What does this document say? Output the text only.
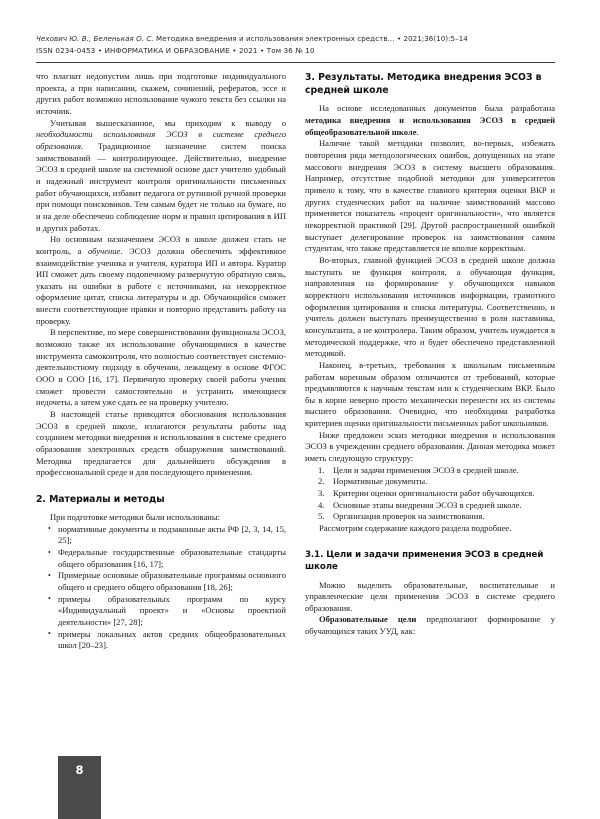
Чехович Ю. В., Беленькая О. С. Методика внедрения и использования электронных средств… • 2021;36(10):5–14
ISSN 0234-0453 • ИНФОРМАТИКА И ОБРАЗОВАНИЕ • 2021 • Том 36 № 10

что плагиат недопустим лишь при подготовке индивидуального проекта, а при написании, скажем, сочинений, рефератов, эссе и других работ возможно использование чужого текста без ссылки на источник.

Учитывая вышесказанное, мы приходим к выводу о необходимости использования ЭСОЗ в системе среднего образования. Традиционное назначение систем поиска заимствований — контролирующее. Действительно, внедрение ЭСОЗ в средней школе на системной основе даст учителю удобный и надежный инструмент контроля оригинальности письменных работ обучающихся, избавит педагога от рутинной ручной проверки при помощи поисковиков. Тем самым будет не только на бумаге, но и на деле обеспечено соблюдение норм и правил цитирования в ИП и других работах.

Но основным назначением ЭСОЗ в школе должен стать не контроль, а обучение. ЭСОЗ должна обеспечить эффективное взаимодействие ученика и учителя, куратора ИП и автора. Куратор ИП сможет дать своему подопечному развернутую обратную связь, указать на ошибки в работе с источниками, на некорректное оформление цитат, списка литературы и др. Обучающийся сможет внести соответствующие правки и повторно представить работу на проверку.

В перспективе, по мере совершенствования функционала ЭСОЗ, возможно также их использование обучающимися в качестве инструмента самоконтроля, что полностью соответствует системно-деятельностному подходу в обучении, лежащему в основе ФГОС ООО и СОО [16, 17]. Первичную проверку своей работы ученик сможет провести самостоятельно и устранить имеющиеся недочеты, а затем уже сдать ее на проверку учителю.

В настоящей статье приводятся обоснования использования ЭСОЗ в средней школе, излагаются результаты работы над созданием методики внедрения и использования в системе среднего образования электронных средств обнаружения заимствований. Методика предлагается для дальнейшего обсуждения в профессиональной среде и для последующего применения.

2. Материалы и методы

При подготовке методики были использованы:

• нормативные документы и подзаконные акты РФ [2, 3, 14, 15, 25];
• Федеральные государственные образовательные стандарты общего образования [16, 17];
• Примерные основные образовательные программы основного общего и среднего общего образования [18, 26];
• примеры образовательных программ по курсу «Индивидуальный проект» и «Основы проектной деятельности» [27, 28];
• примеры локальных актов средних общеобразовательных школ [20–23].
3. Результаты. Методика внедрения ЭСОЗ в средней школе

На основе исследованных документов была разработана методика внедрения и использования ЭСОЗ в средней общеобразовательной школе.

Наличие такой методики позволит, во-первых, избежать повторения ряда методологических ошибок, допущенных на этапе массового внедрения ЭСОЗ в систему высшего образования. Например, отсутствие подобной методики для университетов привело к тому, что в качестве главного критерия оценки ВКР и других студенческих работ на наличие заимствований массово применяется показатель «процент оригинальности», что является некорректной практикой [29]. Другой распространенной ошибкой выступает делегирование проверок на заимствования самим студентам, что также представляется не вполне корректным.

Во-вторых, главной функцией ЭСОЗ в средней школе должна выступать не функция контроля, а обучающая функция, направленная на формирование у обучающихся навыков корректного использования источников информации, грамотного оформления цитирования и списка литературы. Соответственно, и учитель должен выступать преимущественно в роли наставника, консультанта, а не контролера. Таким образом, учитель нуждается в методической поддержке, что и будет обеспечено представленной методикой.

Наконец, в-третьих, требования к школьным письменным работам коренным образом отличаются от требований, которые предъявляются к научным текстам или к студенческим ВКР. Было бы в корне неверно просто механически перенести их из системы высшего образования. Очевидно, что необходима разработка критериев оценки оригинальности письменных работ школьников.

Ниже предложен эскиз методики внедрения и использования ЭСОЗ в учреждении среднего образования. Данная методика может иметь следующую структуру:

1.	Цели и задачи применения ЭСОЗ в средней школе.
2.	Нормативные документы.
3.	Критерии оценки оригинальности работ обучающихся.
4.	Основные этапы внедрения ЭСОЗ в средней школе.
5.	Организация проверок на заимствования.

Рассмотрим содержание каждого раздела подробнее.

3.1. Цели и задачи применения ЭСОЗ в средней школе

Можно выделить образовательные, воспитательные и управленческие цели применения ЭСОЗ в системе среднего образования.

Образовательные цели предполагают формирование у обучающихся таких УУД, как:

8
